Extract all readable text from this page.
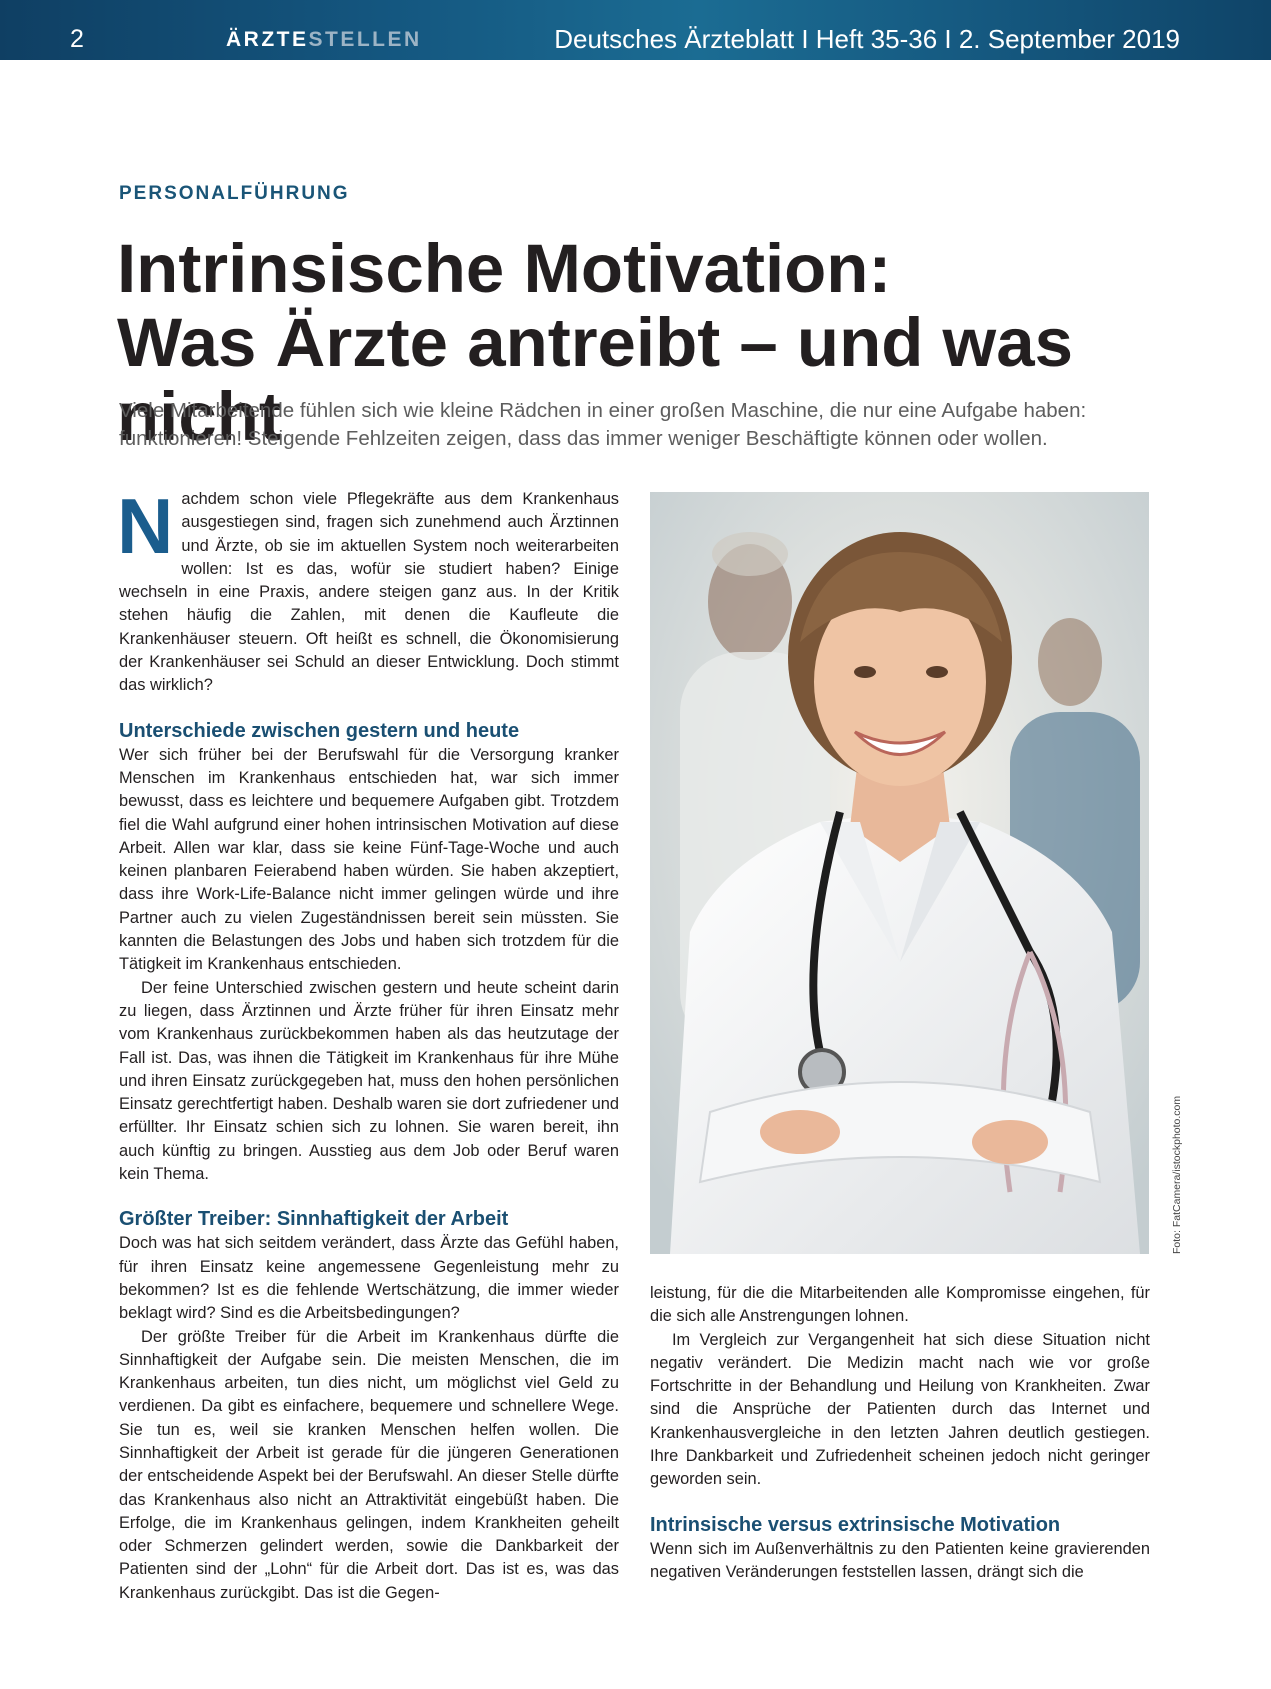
2	ÄRZTESTELLEN	Deutsches Ärzteblatt I Heft 35-36 I 2. September 2019
PERSONALFÜHRUNG
Intrinsische Motivation:
Was Ärzte antreibt – und was nicht

Viele Mitarbeitende fühlen sich wie kleine Rädchen in einer großen Maschine, die nur eine Aufgabe haben: funktionieren! Steigende Fehlzeiten zeigen, dass das immer weniger Beschäftigte können oder wollen.

Nachdem schon viele Pflegekräfte aus dem Krankenhaus ausgestiegen sind, fragen sich zunehmend auch Ärztinnen und Ärzte, ob sie im aktuellen System noch weiterarbeiten wollen: Ist es das, wofür sie studiert haben? Einige wechseln in eine Praxis, andere steigen ganz aus. In der Kritik stehen häufig die Zahlen, mit denen die Kaufleute die Krankenhäuser steuern. Oft heißt es schnell, die Ökonomisierung der Krankenhäuser sei Schuld an dieser Entwicklung. Doch stimmt das wirklich?

Unterschiede zwischen gestern und heute

Wer sich früher bei der Berufswahl für die Versorgung kranker Menschen im Krankenhaus entschieden hat, war sich immer bewusst, dass es leichtere und bequemere Aufgaben gibt. Trotzdem fiel die Wahl aufgrund einer hohen intrinsischen Motivation auf diese Arbeit. Allen war klar, dass sie keine Fünf-Tage-Woche und auch keinen planbaren Feierabend haben würden. Sie haben akzeptiert, dass ihre Work-Life-Balance nicht immer gelingen würde und ihre Partner auch zu vielen Zugeständnissen bereit sein müssten. Sie kannten die Belastungen des Jobs und haben sich trotzdem für die Tätigkeit im Krankenhaus entschieden.

Der feine Unterschied zwischen gestern und heute scheint darin zu liegen, dass Ärztinnen und Ärzte früher für ihren Einsatz mehr vom Krankenhaus zurückbekommen haben als das heutzutage der Fall ist. Das, was ihnen die Tätigkeit im Krankenhaus für ihre Mühe und ihren Einsatz zurückgegeben hat, muss den hohen persönlichen Einsatz gerechtfertigt haben. Deshalb waren sie dort zufriedener und erfüllter. Ihr Einsatz schien sich zu lohnen. Sie waren bereit, ihn auch künftig zu bringen. Ausstieg aus dem Job oder Beruf waren kein Thema.

Größter Treiber: Sinnhaftigkeit der Arbeit

Doch was hat sich seitdem verändert, dass Ärzte das Gefühl haben, für ihren Einsatz keine angemessene Gegenleistung mehr zu bekommen? Ist es die fehlende Wertschätzung, die immer wieder beklagt wird? Sind es die Arbeitsbedingungen?

Der größte Treiber für die Arbeit im Krankenhaus dürfte die Sinnhaftigkeit der Aufgabe sein. Die meisten Menschen, die im Krankenhaus arbeiten, tun dies nicht, um möglichst viel Geld zu verdienen. Da gibt es einfachere, bequemere und schnellere Wege. Sie tun es, weil sie kranken Menschen helfen wollen. Die Sinnhaftigkeit der Arbeit ist gerade für die jüngeren Generationen der entscheidende Aspekt bei der Berufswahl. An dieser Stelle dürfte das Krankenhaus also nicht an Attraktivität eingebüßt haben. Die Erfolge, die im Krankenhaus gelingen, indem Krankheiten geheilt oder Schmerzen gelindert werden, sowie die Dankbarkeit der Patienten sind der „Lohn“ für die Arbeit dort. Das ist es, was das Krankenhaus zurückgibt. Das ist die Gegen-

Foto: FatCamera/istockphoto.com

leistung, für die die Mitarbeitenden alle Kompromisse eingehen, für die sich alle Anstrengungen lohnen.

Im Vergleich zur Vergangenheit hat sich diese Situation nicht negativ verändert. Die Medizin macht nach wie vor große Fortschritte in der Behandlung und Heilung von Krankheiten. Zwar sind die Ansprüche der Patienten durch das Internet und Krankenhausvergleiche in den letzten Jahren deutlich gestiegen. Ihre Dankbarkeit und Zufriedenheit scheinen jedoch nicht geringer geworden sein.

Intrinsische versus extrinsische Motivation

Wenn sich im Außenverhältnis zu den Patienten keine gravierenden negativen Veränderungen feststellen lassen, drängt sich die
